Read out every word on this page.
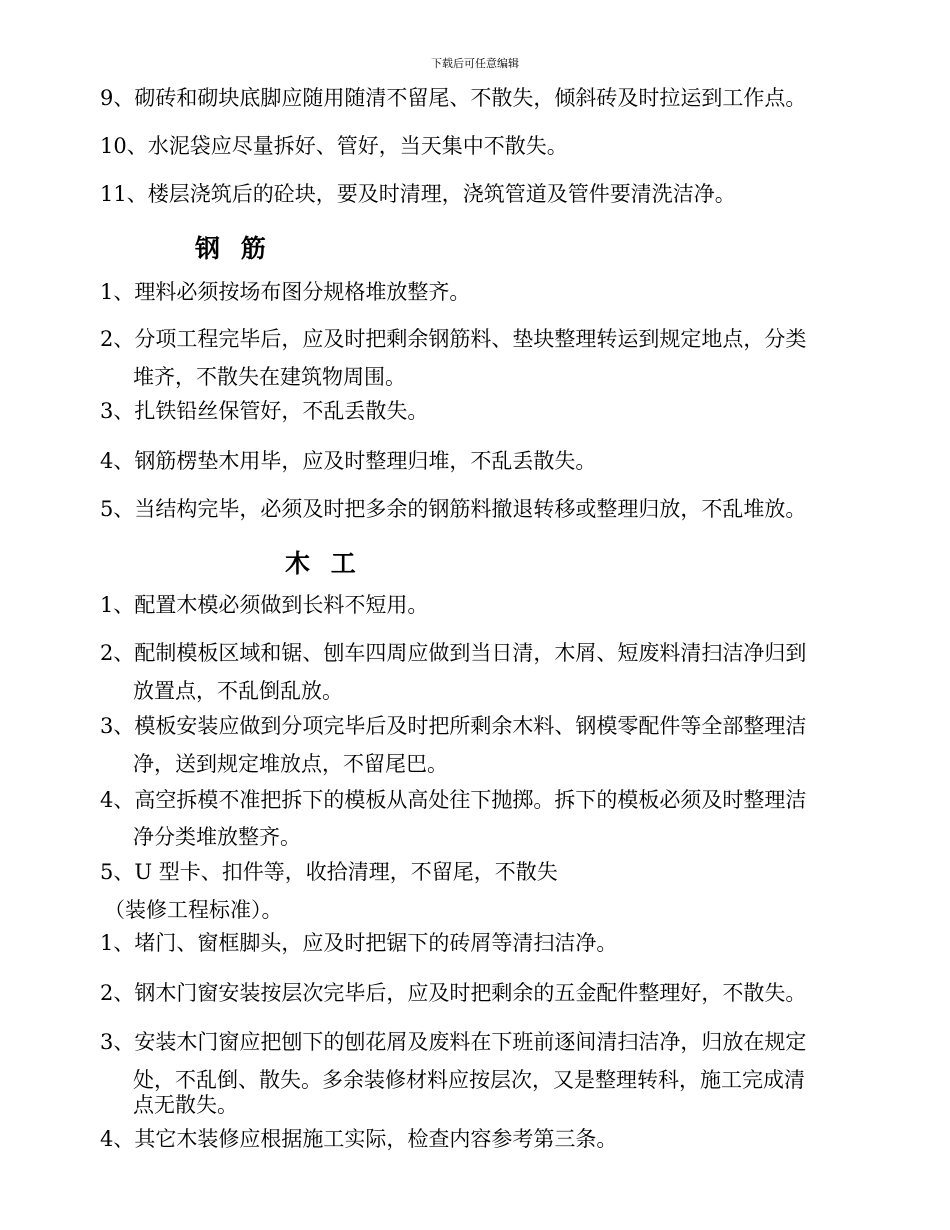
下载后可任意编辑
9、砌砖和砌块底脚应随用随清不留尾、不散失，倾斜砖及时拉运到工作点。
10、水泥袋应尽量拆好、管好，当天集中不散失。
11、楼层浇筑后的砼块，要及时清理，浇筑管道及管件要清洗洁净。
钢 筋
1、理料必须按场布图分规格堆放整齐。
2、分项工程完毕后，应及时把剩余钢筋料、垫块整理转运到规定地点，分类
堆齐，不散失在建筑物周围。
3、扎铁铅丝保管好，不乱丢散失。
4、钢筋楞垫木用毕，应及时整理归堆，不乱丢散失。
5、当结构完毕，必须及时把多余的钢筋料撤退转移或整理归放，不乱堆放。
木 工
1、配置木模必须做到长料不短用。
2、配制模板区域和锯、刨车四周应做到当日清，木屑、短废料清扫洁净归到
放置点，不乱倒乱放。
3、模板安装应做到分项完毕后及时把所剩余木料、钢模零配件等全部整理洁
净，送到规定堆放点，不留尾巴。
4、高空拆模不准把拆下的模板从高处往下抛掷。拆下的模板必须及时整理洁
净分类堆放整齐。
5、U 型卡、扣件等，收拾清理，不留尾，不散失
（装修工程标准）。
1、堵门、窗框脚头，应及时把锯下的砖屑等清扫洁净。
2、钢木门窗安装按层次完毕后，应及时把剩余的五金配件整理好，不散失。
3、安装木门窗应把刨下的刨花屑及废料在下班前逐间清扫洁净，归放在规定
处，不乱倒、散失。多余装修材料应按层次，又是整理转科，施工完成清
点无散失。
4、其它木装修应根据施工实际，检查内容参考第三条。
